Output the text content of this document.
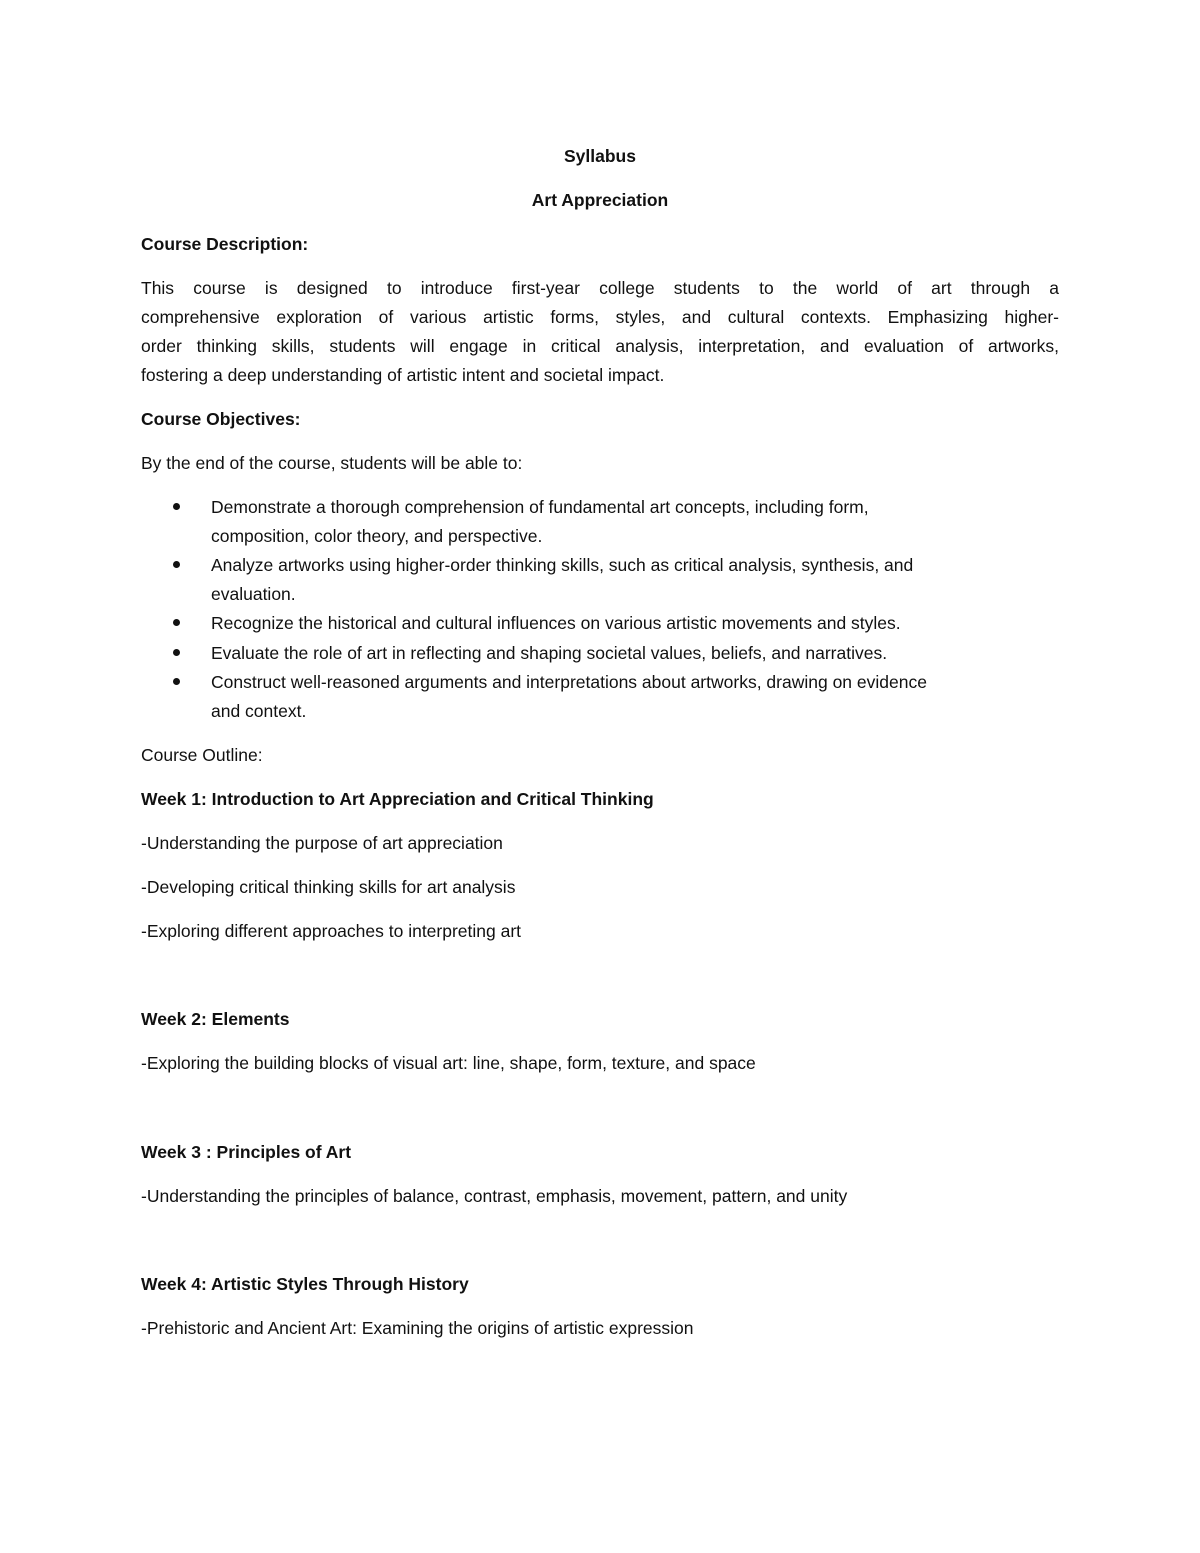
Syllabus

Art Appreciation

Course Description:

This course is designed to introduce first-year college students to the world of art through a

comprehensive exploration of various artistic forms, styles, and cultural contexts. Emphasizing higher-

order thinking skills, students will engage in critical analysis, interpretation, and evaluation of artworks,

fostering a deep understanding of artistic intent and societal impact.

Course Objectives:

By the end of the course, students will be able to:

Demonstrate a thorough comprehension of fundamental art concepts, including form,

composition, color theory, and perspective.

Analyze artworks using higher-order thinking skills, such as critical analysis, synthesis, and

evaluation.

Recognize the historical and cultural influences on various artistic movements and styles.

Evaluate the role of art in reflecting and shaping societal values, beliefs, and narratives.

Construct well-reasoned arguments and interpretations about artworks, drawing on evidence

and context.

Course Outline:

Week 1: Introduction to Art Appreciation and Critical Thinking

-Understanding the purpose of art appreciation

-Developing critical thinking skills for art analysis

-Exploring different approaches to interpreting art

Week 2: Elements

-Exploring the building blocks of visual art: line, shape, form, texture, and space

Week 3 : Principles of Art

-Understanding the principles of balance, contrast, emphasis, movement, pattern, and unity

Week 4: Artistic Styles Through History

-Prehistoric and Ancient Art: Examining the origins of artistic expression
